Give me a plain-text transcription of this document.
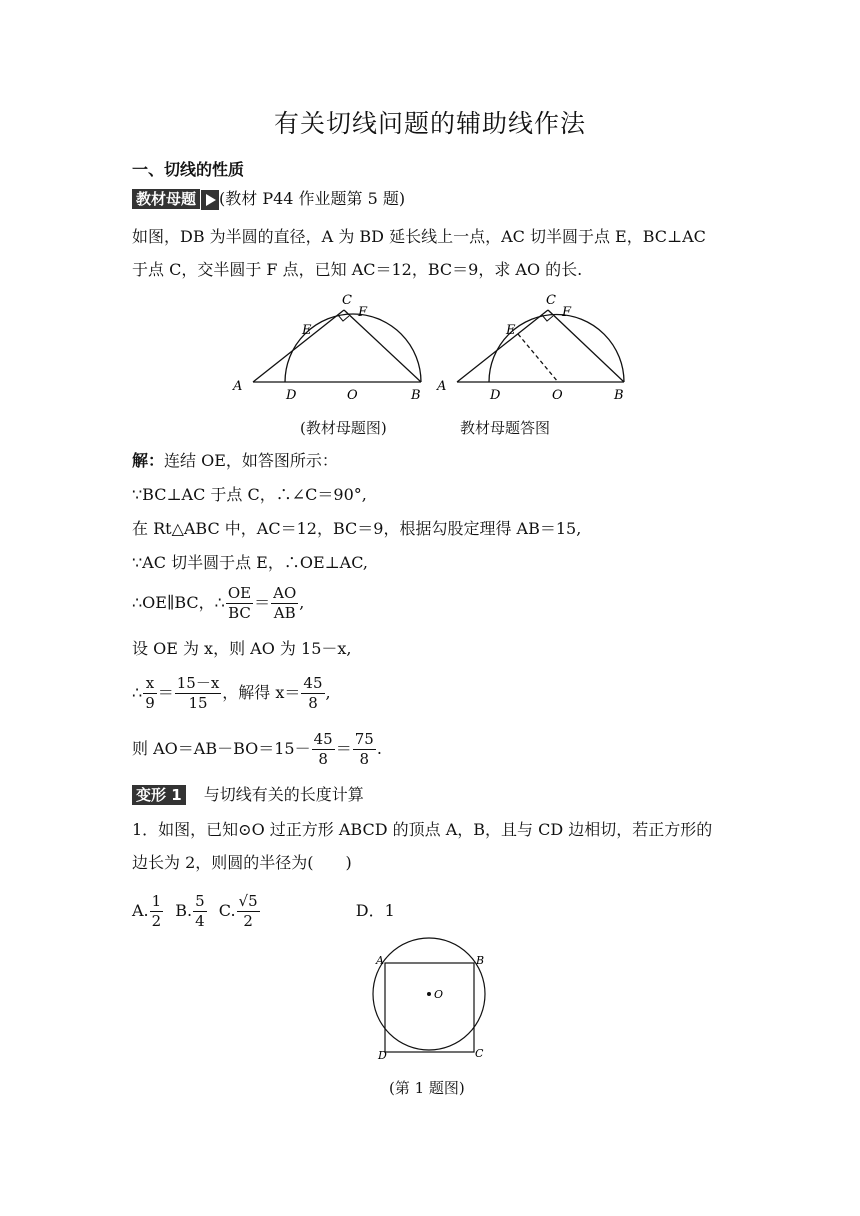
有关切线问题的辅助线作法
一、切线的性质
教材母题 (教材 P44 作业题第 5 题)
如图，DB 为半圆的直径，A 为 BD 延长线上一点，AC 切半圆于点 E，BC⊥AC
于点 C，交半圆于 F 点，已知 AC＝12，BC＝9，求 AO 的长.
A
D	O	B
E
C
F
A
D	O	B
E
C
F
(教材母题图)	教材母题答图
解：连结 OE，如答图所示：
∵BC⊥AC 于点 C，∴∠C＝90°,
在 Rt△ABC 中，AC＝12，BC＝9，根据勾股定理得 AB＝15,
∵AC 切半圆于点 E，∴OE⊥AC,
∴OE∥BC，∴ $\frac{OE}{BC} = \frac{AO}{AB}$ ,
设 OE 为 x，则 AO 为 15－x,
∴ $\frac{x}{9} = \frac{15-x}{15}$ ，解得 $x= \frac{45}{8}$ ,
则 $AO=AB-BO=15- \frac{45}{8} = \frac{75}{8}$ .
变形 1 与切线有关的长度计算
1．如图，已知⊙O 过正方形 ABCD 的顶点 A，B，且与 CD 边相切，若正方形的
边长为 2，则圆的半径为(　　)
A. $\frac{1}{2} B$. $\frac{5}{4} C$. $\frac{√5}{2}$	D．1
A	B
D	C
O
(第 1 题图)
